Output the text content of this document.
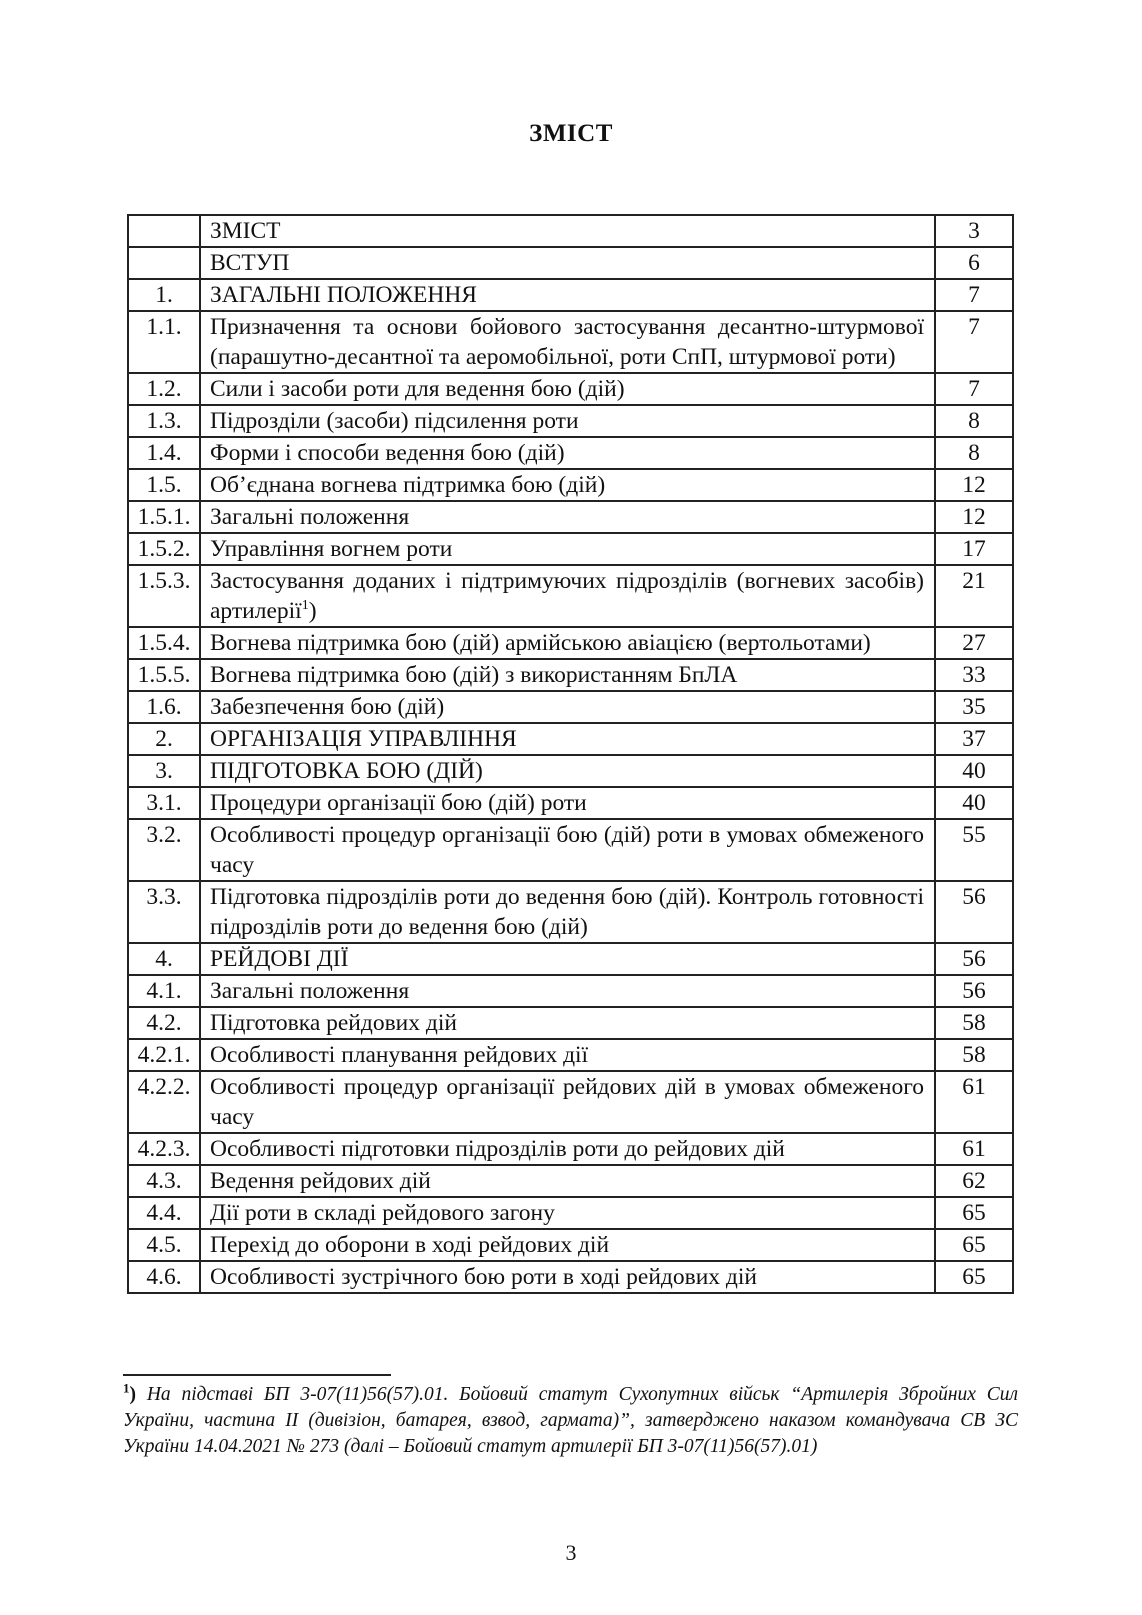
ЗМІСТ
	ЗМІСТ	3
	ВСТУП	6
1.	ЗАГАЛЬНІ ПОЛОЖЕННЯ	7
1.1.	Призначення та основи бойового застосування десантно-штурмової (парашутно-десантної та аеромобільної, роти СпП, штурмової роти)	7
1.2.	Сили і засоби роти для ведення бою (дій)	7
1.3.	Підрозділи (засоби) підсилення роти	8
1.4.	Форми і способи ведення бою (дій)	8
1.5.	Об’єднана вогнева підтримка бою (дій)	12
1.5.1.	Загальні положення	12
1.5.2.	Управління вогнем роти	17
1.5.3.	Застосування доданих і підтримуючих підрозділів (вогневих засобів) артилерії$^1$)	21
1.5.4.	Вогнева підтримка бою (дій) армійською авіацією (вертольотами)	27
1.5.5.	Вогнева підтримка бою (дій) з використанням БпЛА	33
1.6.	Забезпечення бою (дій)	35
2.	ОРГАНІЗАЦІЯ УПРАВЛІННЯ	37
3.	ПІДГОТОВКА БОЮ (ДІЙ)	40
3.1.	Процедури організації бою (дій) роти	40
3.2.	Особливості процедур організації бою (дій) роти в умовах обмеженого часу	55
3.3.	Підготовка підрозділів роти до ведення бою (дій). Контроль готовності підрозділів роти до ведення бою (дій)	56
4.	РЕЙДОВІ ДІЇ	56
4.1.	Загальні положення	56
4.2.	Підготовка рейдових дій	58
4.2.1.	Особливості планування рейдових дії	58
4.2.2.	Особливості процедур організації рейдових дій в умовах обмеженого часу	61
4.2.3.	Особливості підготовки підрозділів роти до рейдових дій	61
4.3.	Ведення рейдових дій	62
4.4.	Дії роти в складі рейдового загону	65
4.5.	Перехід до оборони в ході рейдових дій	65
4.6.	Особливості зустрічного бою роти в ході рейдових дій	65
$^1$) На підставі БП 3-07(11)56(57).01. Бойовий статут Сухопутних військ “Артилерія Збройних Сил України, частина II (дивізіон, батарея, взвод, гармата)”, затверджено наказом командувача СВ ЗС України 14.04.2021 № 273 (далі – Бойовий статут артилерії БП 3-07(11)56(57).01)
3
